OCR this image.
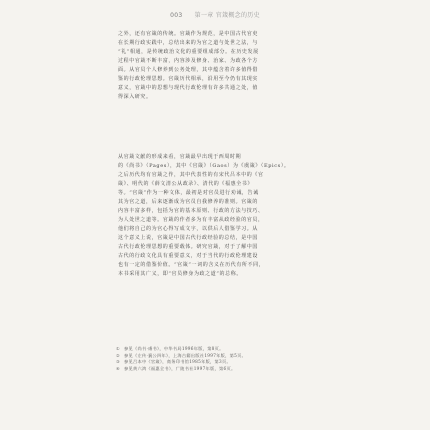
003 第一章 官箴概念的历史
之外，还有官箴的传统。官箴作为规范，是中国古代官吏
在长期行政实践中，总结出来的为官之道与处世之法，与
“礼”相通，是传统政治文化的重要组成部分。在历史发展
过程中官箴不断丰富，内容涉及修身、治家、为政各个方
面。从官员个人修养到公务处理，其中蕴含着许多值得借
鉴的行政伦理思想。官箴历代相承，沿用至今仍有其现实
意义，官箴中的思想与现代行政伦理有许多共通之处，值
得深入研究。
从官箴文献的形成来看，官箴最早出现于西周时期
的《尚书》（Pages），其中《官箴》（Gaos）为《虞箴》（Epics）。
之后历代均有官箴之作，其中代表性的有宋代吕本中的《官
箴》、明代的《薛文清公从政录》、清代的《福惠全书》
等。“官箴”作为一种文体，最初是对官员进行劝诫，告诫
其为官之道，后来逐渐成为官员自我修养的准则。官箴的
内容丰富多样，包括为官的基本原则、行政的方法与技巧、
为人处世之道等。官箴的作者多为有丰富从政经验的官员，
他们将自己的为官心得写成文字，以供后人借鉴学习。从
这个意义上说，官箴是中国古代行政经验的总结，是中国
古代行政伦理思想的重要载体。研究官箴，对于了解中国
古代的行政文化具有重要意义，对于当代的行政伦理建设
也有一定的借鉴价值。“官箴”一词的含义在历代有所不同，
本书采用其广义，即“官员修身为政之道”的总称。
①	参见《尚书·虞书》，中华书局1996年版，第8页。
②	参见《左传·襄公四年》，上海古籍出版社1997年版，第5页。
③	参见吕本中《官箴》，商务印书馆1985年版，第3页。
④	参见黄六鸿《福惠全书》，广陵书社1997年版，第6页。
